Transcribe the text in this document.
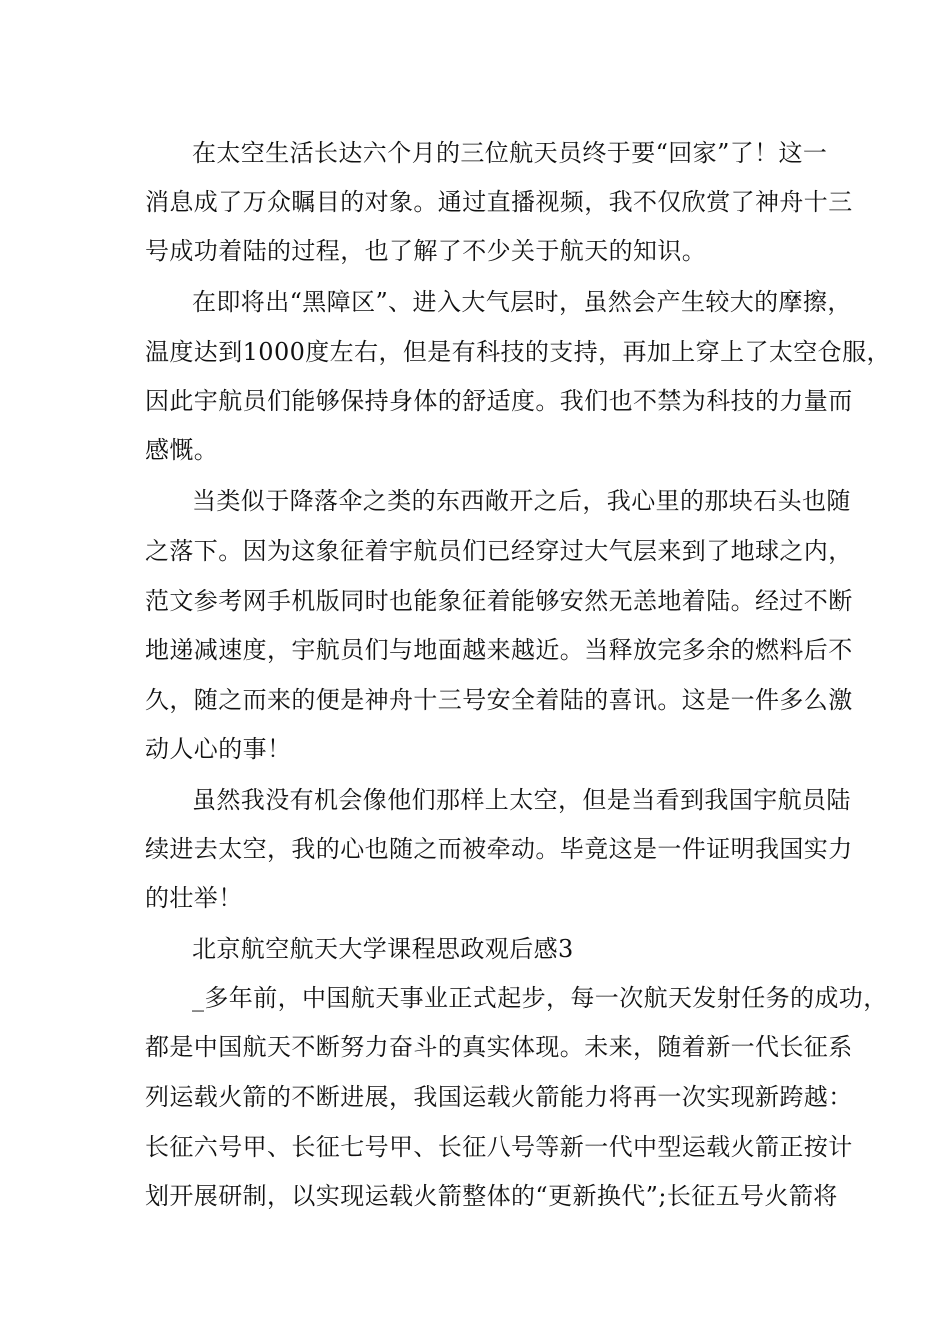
在太空生活长达六个月的三位航天员终于要“回家”了！这一
消息成了万众瞩目的对象。通过直播视频，我不仅欣赏了神舟十三
号成功着陆的过程，也了解了不少关于航天的知识。
在即将出“黑障区”、进入大气层时，虽然会产生较大的摩擦，
温度达到1000度左右，但是有科技的支持，再加上穿上了太空仓服，
因此宇航员们能够保持身体的舒适度。我们也不禁为科技的力量而
感慨。
当类似于降落伞之类的东西敞开之后，我心里的那块石头也随
之落下。因为这象征着宇航员们已经穿过大气层来到了地球之内，
范文参考网手机版同时也能象征着能够安然无恙地着陆。经过不断
地递减速度，宇航员们与地面越来越近。当释放完多余的燃料后不
久，随之而来的便是神舟十三号安全着陆的喜讯。这是一件多么激
动人心的事！
虽然我没有机会像他们那样上太空，但是当看到我国宇航员陆
续进去太空，我的心也随之而被牵动。毕竟这是一件证明我国实力
的壮举！
北京航空航天大学课程思政观后感3
_多年前，中国航天事业正式起步，每一次航天发射任务的成功，
都是中国航天不断努力奋斗的真实体现。未来，随着新一代长征系
列运载火箭的不断进展，我国运载火箭能力将再一次实现新跨越：
长征六号甲、长征七号甲、长征八号等新一代中型运载火箭正按计
划开展研制，以实现运载火箭整体的“更新换代”;长征五号火箭将
